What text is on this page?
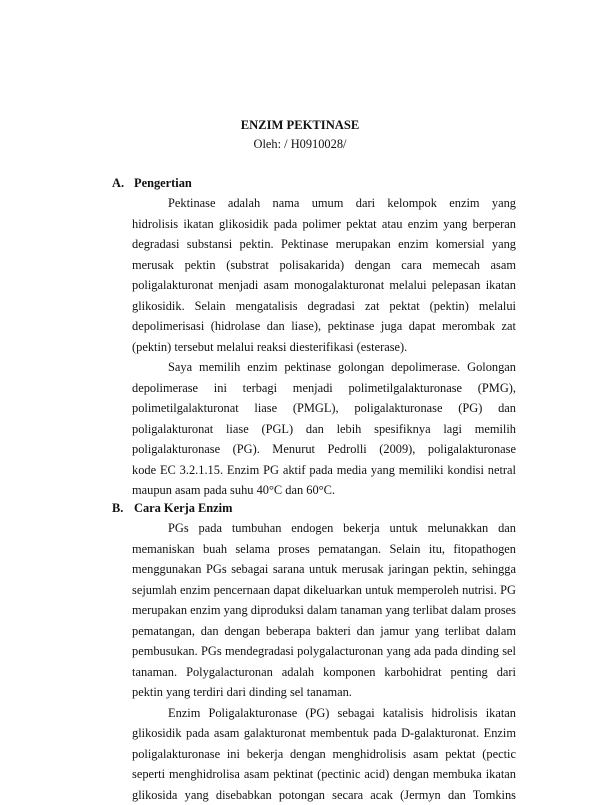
ENZIM PEKTINASE
Oleh: / H0910028/
A. Pengertian
Pektinase adalah nama umum dari kelompok enzim yang
hidrolisis ikatan glikosidik pada polimer pektat atau enzim yang berperan
degradasi substansi pektin. Pektinase merupakan enzim komersial yang
merusak pektin (substrat polisakarida) dengan cara memecah asam
poligalakturonat menjadi asam monogalakturonat melalui pelepasan ikatan
glikosidik. Selain mengatalisis degradasi zat pektat (pektin) melalui
depolimerisasi (hidrolase dan liase), pektinase juga dapat merombak zat
(pektin) tersebut melalui reaksi diesterifikasi (esterase).
Saya memilih enzim pektinase golongan depolimerase. Golongan
depolimerase ini terbagi menjadi polimetilgalakturonase (PMG),
polimetilgalakturonat liase (PMGL), poligalakturonase (PG) dan
poligalakturonat liase (PGL) dan lebih spesifiknya lagi memilih
poligalakturonase (PG). Menurut Pedrolli (2009), poligalakturonase
kode EC 3.2.1.15. Enzim PG aktif pada media yang memiliki kondisi netral
maupun asam pada suhu 40°C dan 60°C.
B. Cara Kerja Enzim
PGs pada tumbuhan endogen bekerja untuk melunakkan dan
memaniskan buah selama proses pematangan. Selain itu, fitopathogen
menggunakan PGs sebagai sarana untuk merusak jaringan pektin, sehingga
sejumlah enzim pencernaan dapat dikeluarkan untuk memperoleh nutrisi. PG
merupakan enzim yang diproduksi dalam tanaman yang terlibat dalam proses
pematangan, dan dengan beberapa bakteri dan jamur yang terlibat dalam
pembusukan. PGs mendegradasi polygalacturonan yang ada pada dinding sel
tanaman. Polygalacturonan adalah komponen karbohidrat penting dari
pektin yang terdiri dari dinding sel tanaman.
Enzim Poligalakturonase (PG) sebagai katalisis hidrolisis ikatan
glikosidik pada asam galakturonat membentuk pada D-galakturonat. Enzim
poligalakturonase ini bekerja dengan menghidrolisis asam pektat (pectic
seperti menghidrolisa asam pektinat (pectinic acid) dengan membuka ikatan
glikosida yang disebabkan potongan secara acak (Jermyn dan Tomkins
